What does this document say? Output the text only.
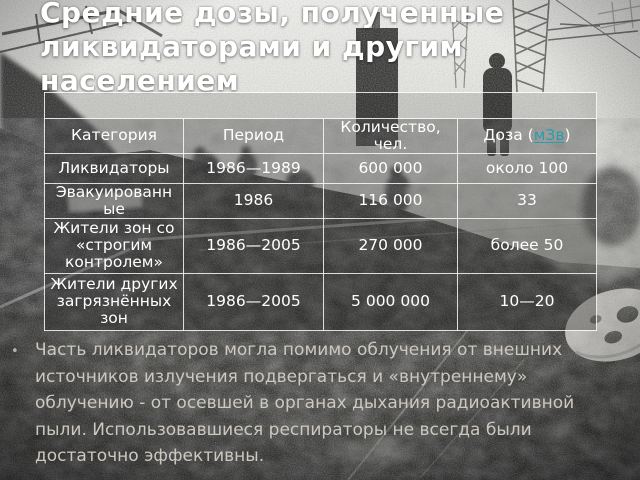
Средние дозы, полученные
ликвидаторами и другим
населением

Категория	Период	Количество, чел.	Доза (мЗв)
Ликвидаторы	1986—1989	600 000	около 100
Эвакуированные	1986	116 000	33
Жители зон со «строгим контролем»	1986—2005	270 000	более 50
Жители других загрязнённых зон	1986—2005	5 000 000	10—20
• Часть ликвидаторов могла помимо облучения от внешних
источников излучения подвергаться и «внутреннему»
облучению - от осевшей в органах дыхания радиоактивной
пыли. Использовавшиеся респираторы не всегда были
достаточно эффективны.
